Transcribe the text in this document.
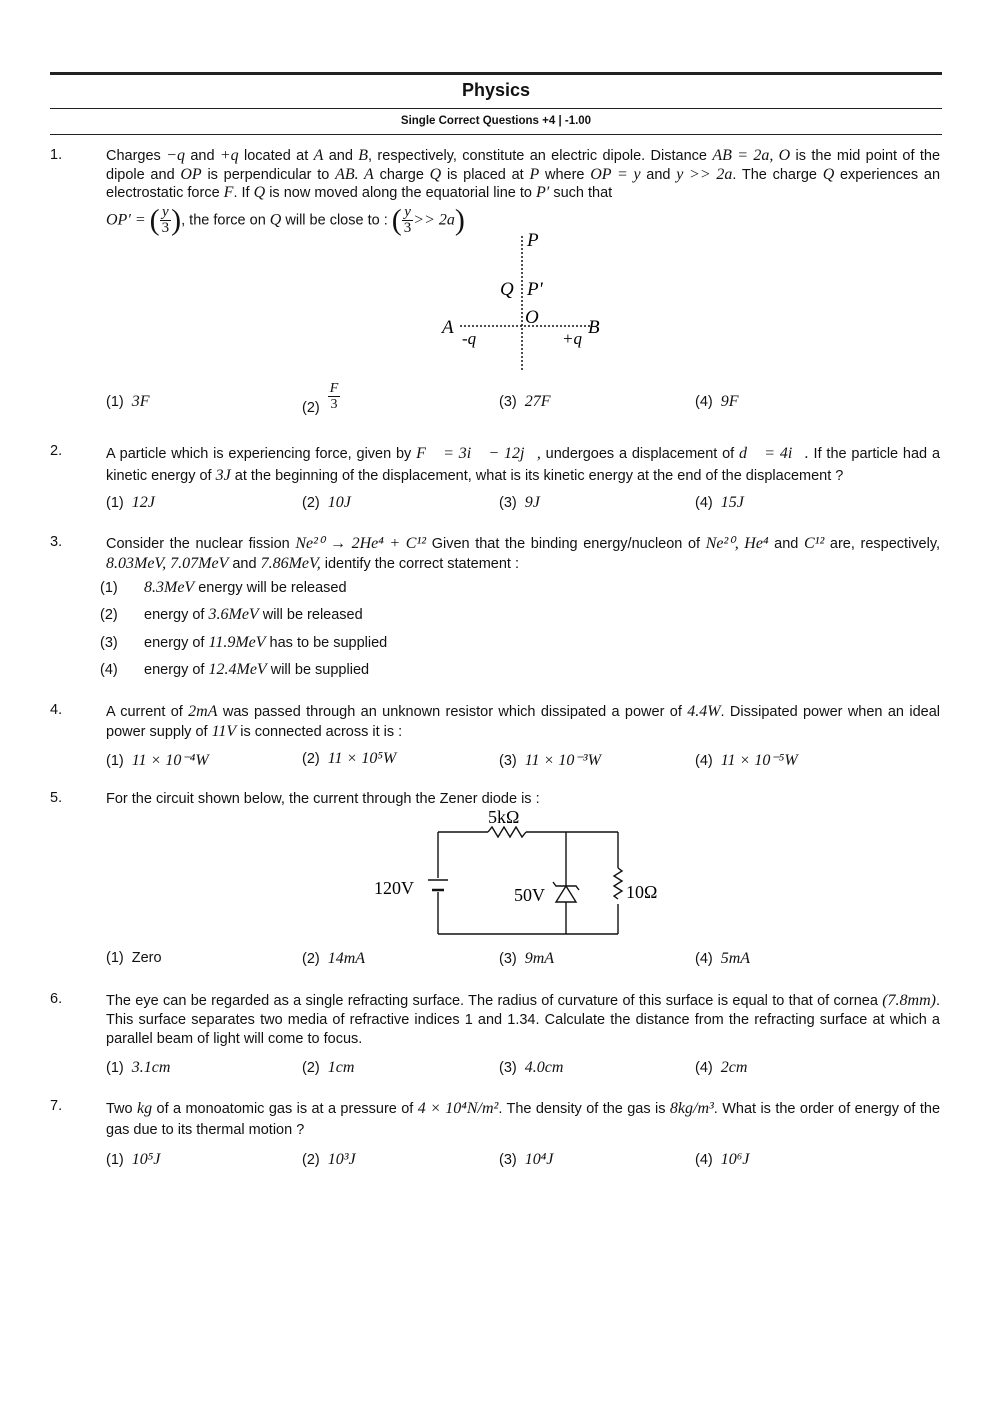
Physics
Single Correct Questions +4 | -1.00
1.	Charges −q and +q located at A and B, respectively, constitute an electric dipole. Distance AB = 2a, O is the mid point of the dipole and OP is perpendicular to AB. A charge Q is placed at P where OP = y and y >> 2a. The charge Q experiences an electrostatic force F. If Q is now moved along the equatorial line to P′ such that
OP′ = ( $\frac{y}{3}$ ), the force on Q will be close to : ( $\frac{y}{3} >> 2a$)
P
Q P'
O
A
-q	+q
B
(1) 3F	$(2) \frac{F}{3}$	(3) 27F	(4) 9F
2.	A particle which is experiencing force, given by F⃗ = 3i⃗ − 12j⃗, undergoes a displacement of d⃗ = 4i⃗. If the particle had a kinetic energy of 3J at the beginning of the displacement, what is its kinetic energy at the end of the displacement ?
(1) 12J	(2) 10J	(3) 9J	(4) 15J
3.	Consider the nuclear fission Ne²⁰ → 2He⁴ + C¹² Given that the binding energy/nucleon of Ne²⁰, He⁴ and C¹² are, respectively, 8.03MeV, 7.07MeV and 7.86MeV, identify the correct statement :
(1) 8.3MeV energy will be released
(2) energy of 3.6MeV will be released
(3) energy of 11.9MeV has to be supplied
(4) energy of 12.4MeV will be supplied
4.	A current of 2mA was passed through an unknown resistor which dissipated a power of 4.4W. Dissipated power when an ideal power supply of 11V is connected across it is :
(1) 11 × 10⁻⁴W	(2) 11 × 10⁵W	(3) 11 × 10⁻³W	(4) 11 × 10⁻⁵W
5.	For the circuit shown below, the current through the Zener diode is :
5kΩ
120V	50V	10Ω
(1) Zero	(2) 14mA	(3) 9mA	(4) 5mA
6.	The eye can be regarded as a single refracting surface. The radius of curvature of this surface is equal to that of cornea (7.8mm). This surface separates two media of refractive indices 1 and 1.34. Calculate the distance from the refracting surface at which a parallel beam of light will come to focus.
(1) 3.1cm	(2) 1cm	(3) 4.0cm	(4) 2cm
7.	Two kg of a monoatomic gas is at a pressure of 4 × 10⁴N/m². The density of the gas is 8kg/m³. What is the order of energy of the gas due to its thermal motion ?
(1) 10⁵J	(2) 10³J	(3) 10⁴J	(4) 10⁶J
